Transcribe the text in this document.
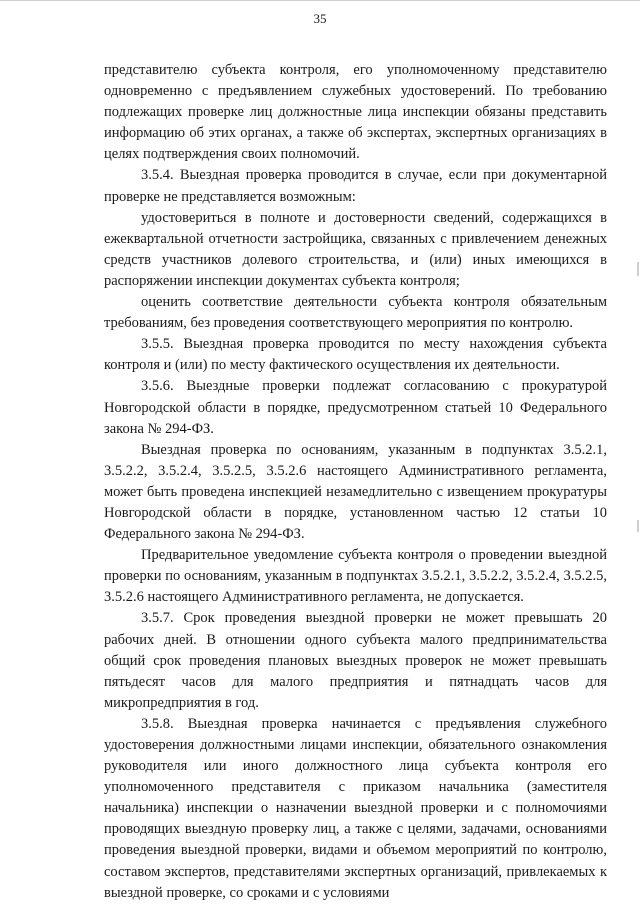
35

представителю субъекта контроля, его уполномоченному представителю одновременно с предъявлением служебных удостоверений. По требованию подлежащих проверке лиц должностные лица инспекции обязаны представить информацию об этих органах, а также об экспертах, экспертных организациях в целях подтверждения своих полномочий.

3.5.4. Выездная проверка проводится в случае, если при документарной проверке не представляется возможным:

удостовериться в полноте и достоверности сведений, содержащихся в ежеквартальной отчетности застройщика, связанных с привлечением денежных средств участников долевого строительства, и (или) иных имеющихся в распоряжении инспекции документах субъекта контроля;

оценить соответствие деятельности субъекта контроля обязательным требованиям, без проведения соответствующего мероприятия по контролю.

3.5.5. Выездная проверка проводится по месту нахождения субъекта контроля и (или) по месту фактического осуществления их деятельности.

3.5.6. Выездные проверки подлежат согласованию с прокуратурой Новгородской области в порядке, предусмотренном статьей 10 Федерального закона № 294-ФЗ.

Выездная проверка по основаниям, указанным в подпунктах 3.5.2.1, 3.5.2.2, 3.5.2.4, 3.5.2.5, 3.5.2.6 настоящего Административного регламента, может быть проведена инспекцией незамедлительно с извещением прокуратуры Новгородской области в порядке, установленном частью 12 статьи 10 Федерального закона № 294-ФЗ.

Предварительное уведомление субъекта контроля о проведении выездной проверки по основаниям, указанным в подпунктах 3.5.2.1, 3.5.2.2, 3.5.2.4, 3.5.2.5, 3.5.2.6 настоящего Административного регламента, не допускается.

3.5.7. Срок проведения выездной проверки не может превышать 20 рабочих дней. В отношении одного субъекта малого предпринимательства общий срок проведения плановых выездных проверок не может превышать пятьдесят часов для малого предприятия и пятнадцать часов для микропредприятия в год.

3.5.8. Выездная проверка начинается с предъявления служебного удостоверения должностными лицами инспекции, обязательного ознакомления руководителя или иного должностного лица субъекта контроля его уполномоченного представителя с приказом начальника (заместителя начальника) инспекции о назначении выездной проверки и с полномочиями проводящих выездную проверку лиц, а также с целями, задачами, основаниями проведения выездной проверки, видами и объемом мероприятий по контролю, составом экспертов, представителями экспертных организаций, привлекаемых к выездной проверке, со сроками и с условиями
